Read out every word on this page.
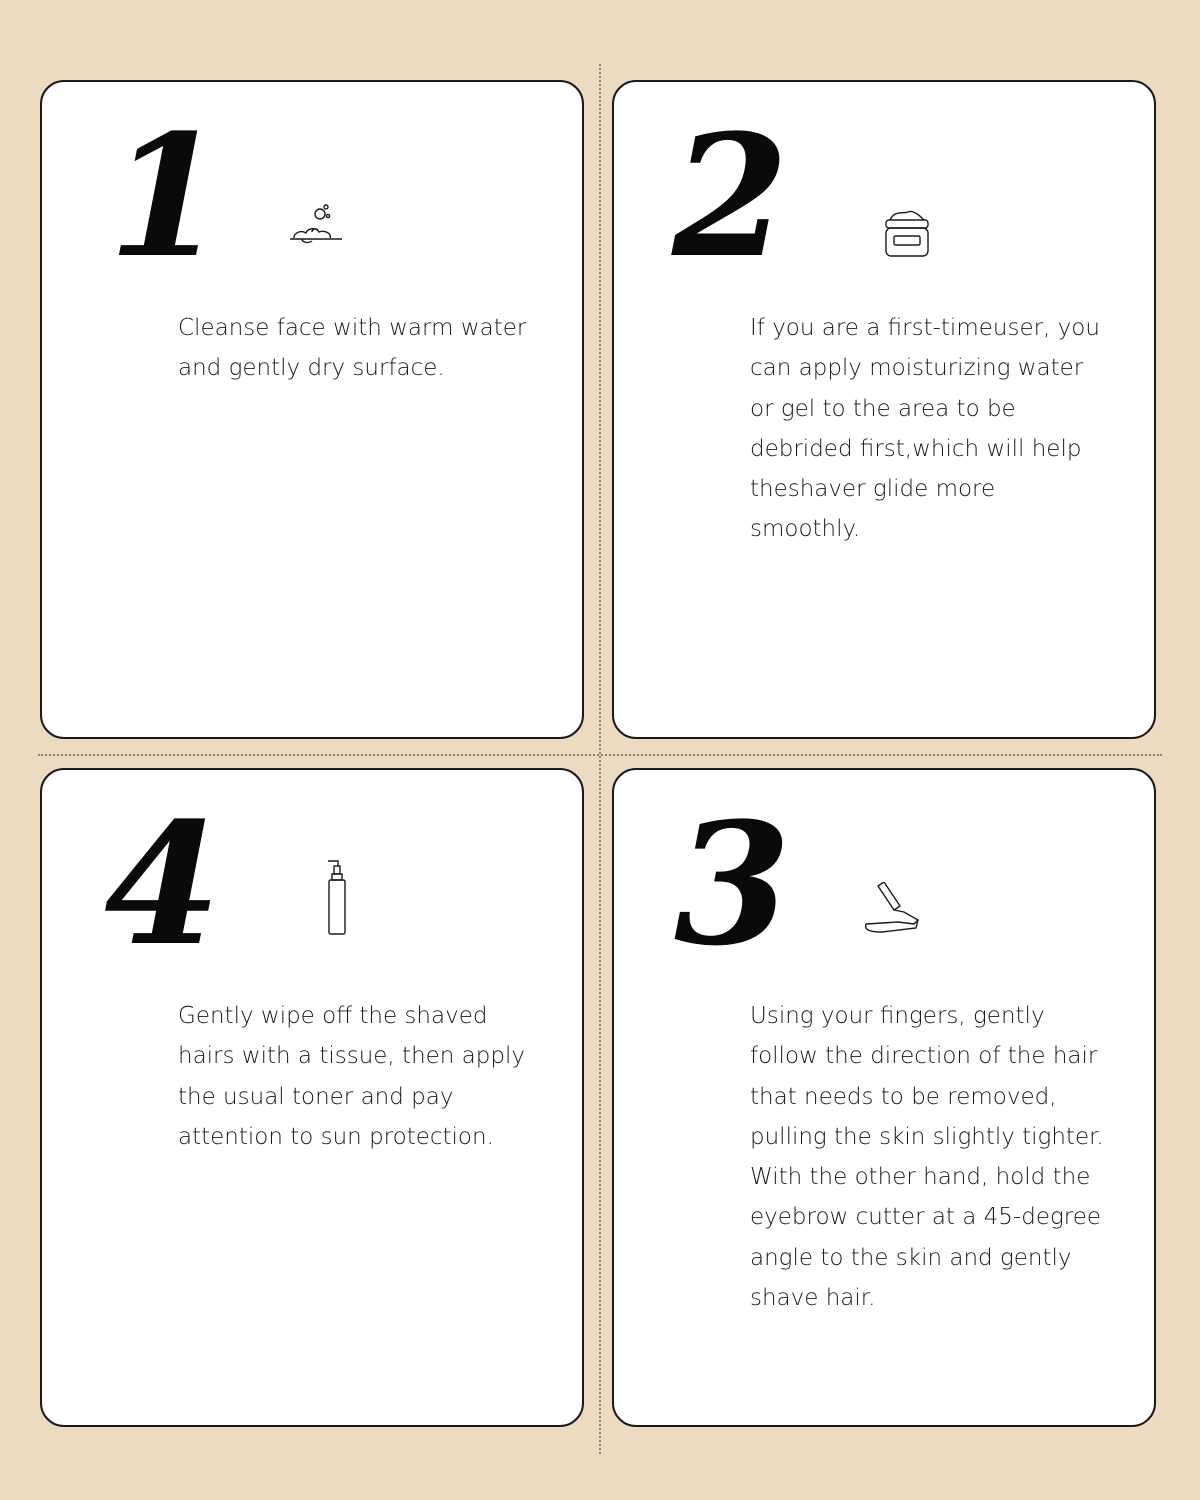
1

Cleanse face with warm water and gently dry surface.

2

If you are a first-timeuser, you can apply moisturizing water or gel to the area to be debrided first,which will help theshaver glide more smoothly.

4

Gently wipe off the shaved hairs with a tissue, then apply the usual toner and pay attention to sun protection.

3

Using your fingers, gently follow the direction of the hair that needs to be removed, pulling the skin slightly tighter. With the other hand, hold the eyebrow cutter at a 45-degree angle to the skin and gently shave hair.
